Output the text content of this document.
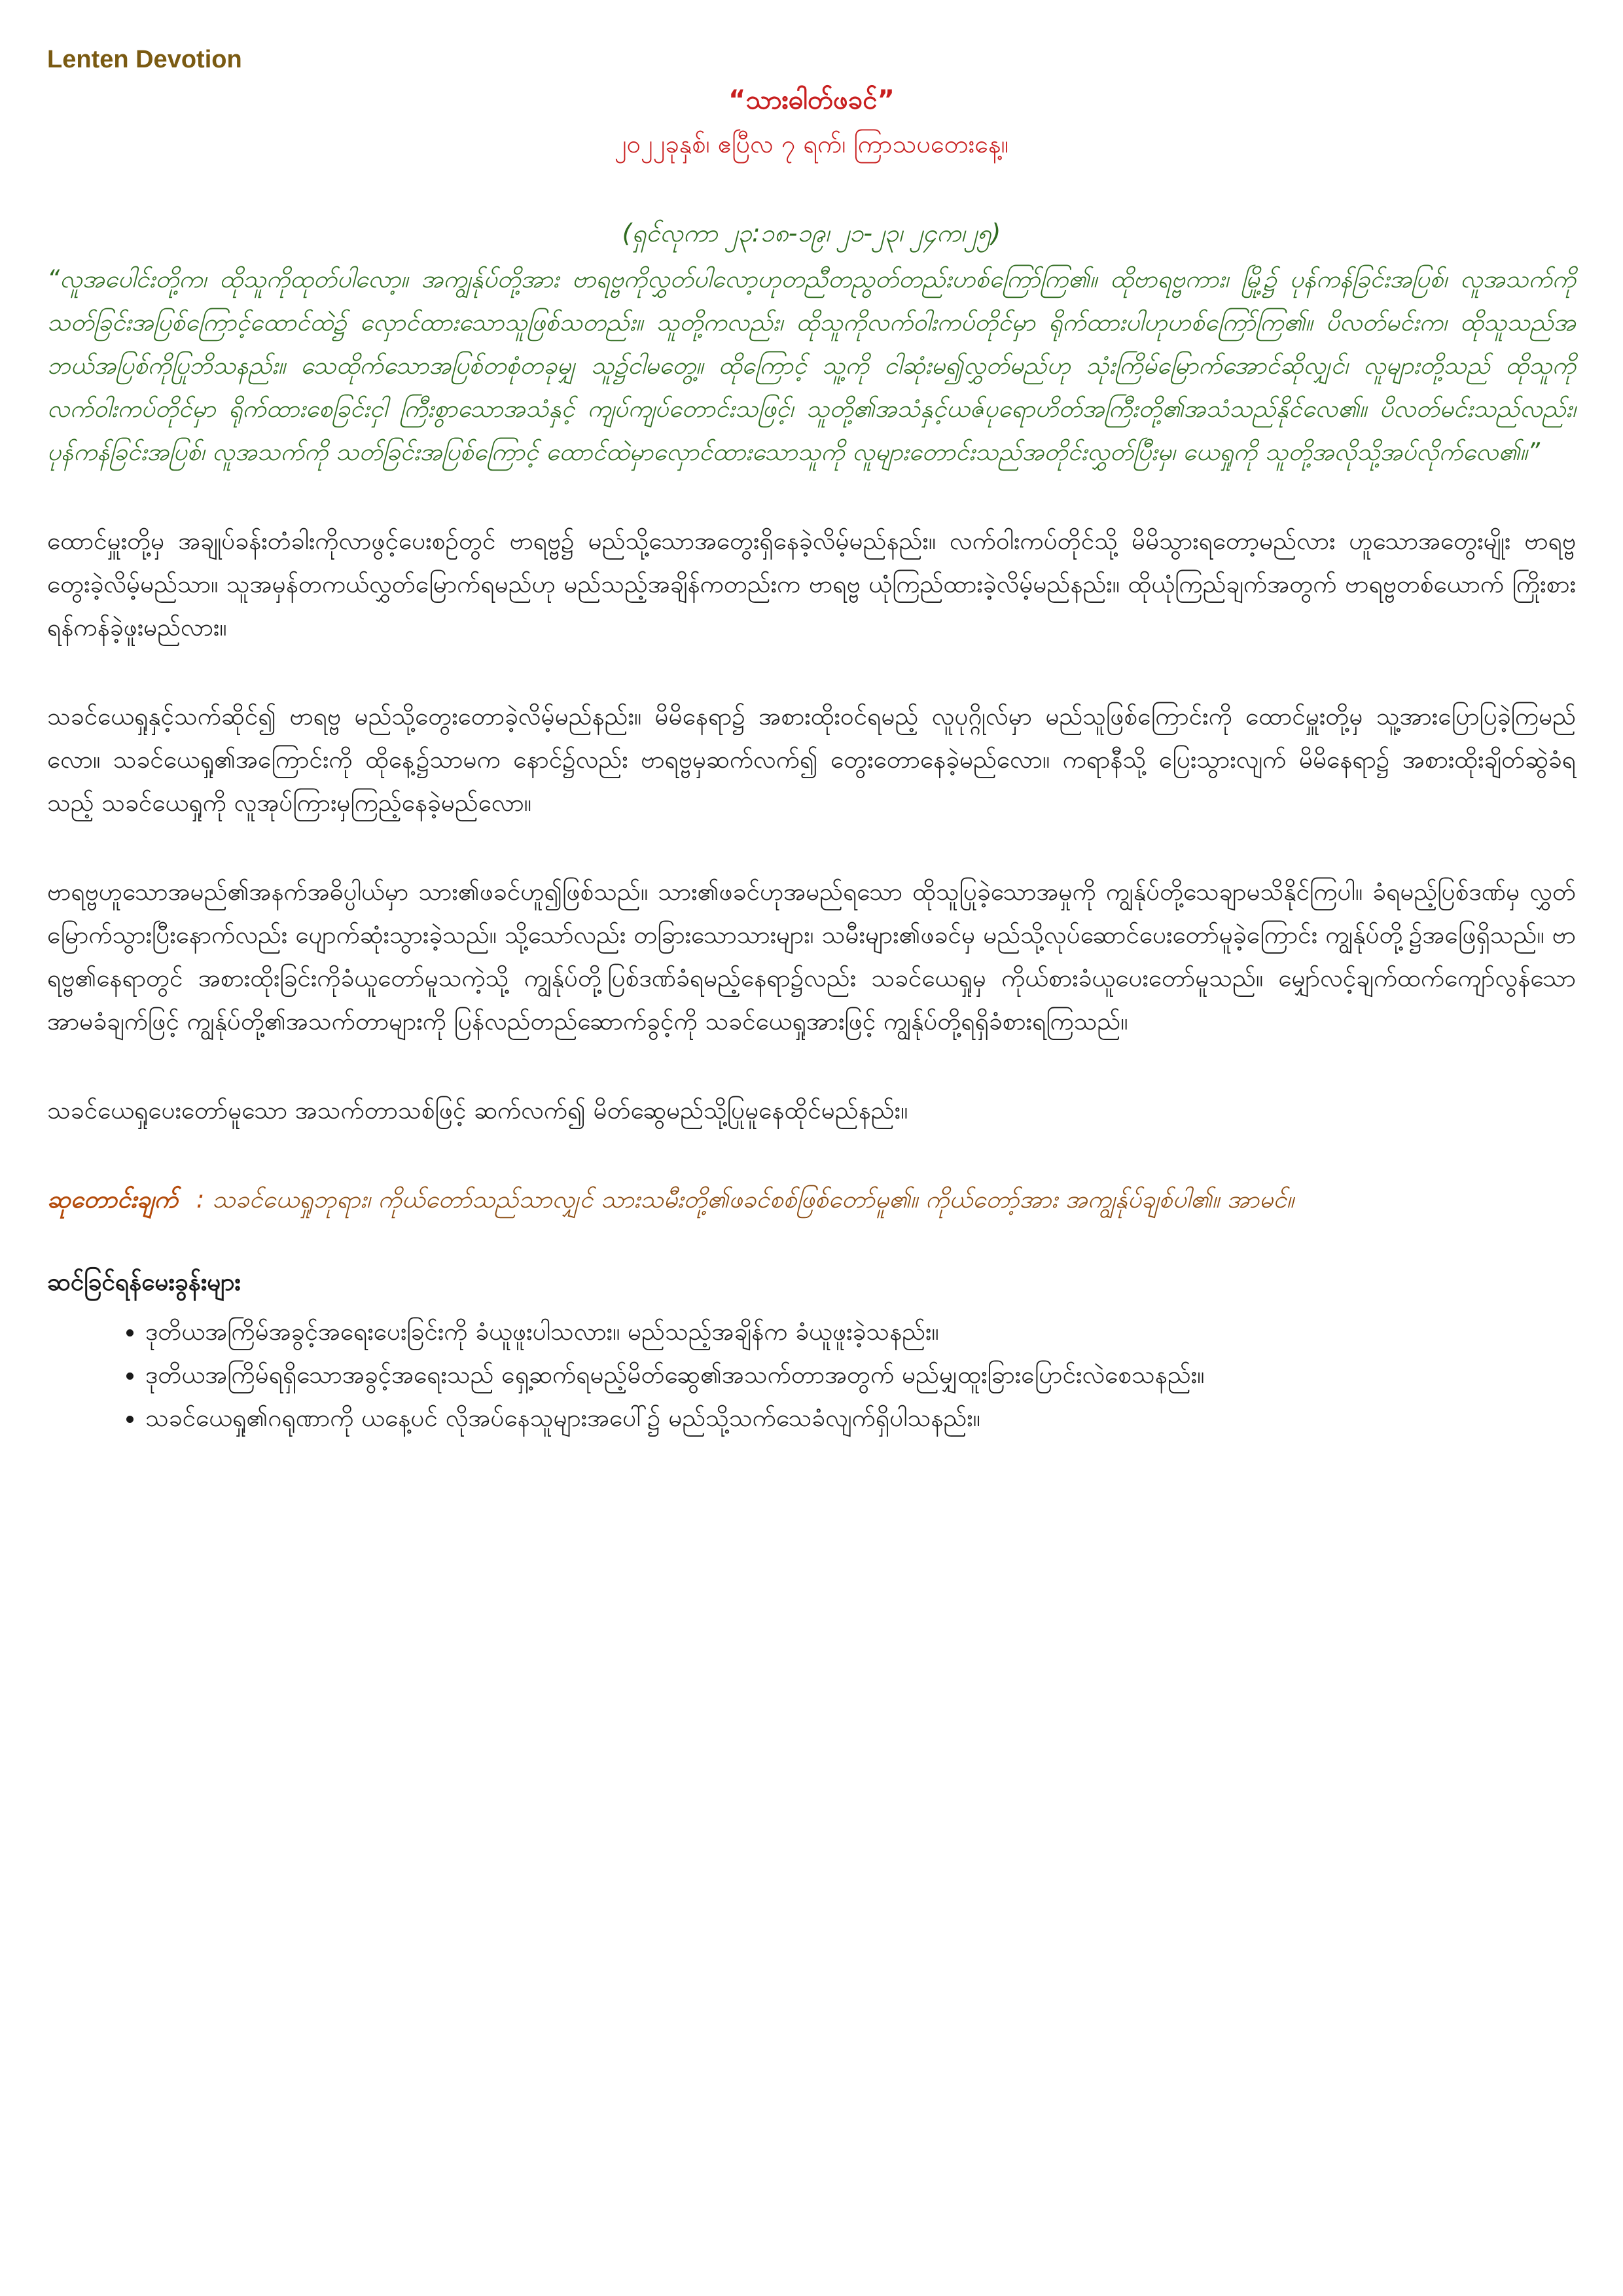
Lenten Devotion
“သားဓါတ်ဖခင်”
၂၀၂၂ခုနှစ်၊ ဧပြီလ ၇ ရက်၊ ကြာသပတေးနေ့။
(ရှင်လုကာ ၂၃:၁၈-၁၉၊ ၂၁-၂၃၊ ၂၄က၊၂၅)
“လူအပေါင်းတို့က၊ ထိုသူကိုထုတ်ပါလော့။ အကျွန်ုပ်တို့အား ဗာရဗ္ဗကိုလွှတ်ပါလော့ဟုတညီတညွတ်တည်းဟစ်ကြော်ကြ၏။ ထိုဗာရဗ္ဗကား၊ မြို့၌ ပုန်ကန်ခြင်းအပြစ်၊ လူအသက်ကို သတ်ခြင်းအပြစ်ကြောင့်ထောင်ထဲ၌ လှောင်ထားသောသူဖြစ်သတည်း။ သူတို့ကလည်း၊ ထိုသူကိုလက်ဝါးကပ်တိုင်မှာ ရိုက်ထားပါဟုဟစ်ကြော်ကြ၏။ ပိလတ်မင်းက၊ ထိုသူသည်အဘယ်အပြစ်ကိုပြုဘိသနည်း။ သေထိုက်သောအပြစ်တစုံတခုမျှ သူ၌ငါမတွေ့။ ထိုကြောင့် သူ့ကို ငါဆုံးမ၍လွှတ်မည်ဟု သုံးကြိမ်မြောက်အောင်ဆိုလျှင်၊ လူများတို့သည် ထိုသူကိုလက်ဝါးကပ်တိုင်မှာ ရိုက်ထားစေခြင်းငှါ ကြီးစွာသောအသံနှင့် ကျပ်ကျပ်တောင်းသဖြင့်၊ သူတို့၏အသံနှင့်ယဇ်ပုရောဟိတ်အကြီးတို့၏အသံသည်နိုင်လေ၏။ ပိလတ်မင်းသည်လည်း၊ ပုန်ကန်ခြင်းအပြစ်၊ လူအသက်ကို သတ်ခြင်းအပြစ်ကြောင့် ထောင်ထဲမှာလှောင်ထားသောသူကို လူများတောင်းသည်အတိုင်းလွှတ်ပြီးမှ၊ ယေရှုကို သူတို့အလိုသို့အပ်လိုက်လေ၏။”
ထောင်မှူးတို့မှ အချုပ်ခန်းတံခါးကိုလာဖွင့်ပေးစဉ်တွင် ဗာရဗ္ဗ၌ မည်သို့သောအတွေးရှိနေခဲ့လိမ့်မည်နည်း။ လက်ဝါးကပ်တိုင်သို့ မိမိသွားရတော့မည်လား ဟူသောအတွေးမျိုး ဗာရဗ္ဗတွေးခဲ့လိမ့်မည်သာ။ သူအမှန်တကယ်လွှတ်မြောက်ရမည်ဟု မည်သည့်အချိန်ကတည်းက ဗာရဗ္ဗ ယုံကြည်ထားခဲ့လိမ့်မည်နည်း။ ထိုယုံကြည်ချက်အတွက် ဗာရဗ္ဗတစ်ယောက် ကြိုးစားရန်ကန်ခဲ့ဖူးမည်လား။
သခင်ယေရှုနှင့်သက်ဆိုင်၍ ဗာရဗ္ဗ မည်သို့တွေးတောခဲ့လိမ့်မည်နည်း။ မိမိနေရာ၌ အစားထိုးဝင်ရမည့် လူပုဂ္ဂိုလ်မှာ မည်သူဖြစ်ကြောင်းကို ထောင်မှူးတို့မှ သူ့အားပြောပြခဲ့ကြမည်လော။ သခင်ယေရှု၏အကြောင်းကို ထိုနေ့၌သာမက နောင်၌လည်း ဗာရဗ္ဗမှဆက်လက်၍ တွေးတောနေခဲ့မည်လော။ ကရာနီသို့ ပြေးသွားလျက် မိမိနေရာ၌ အစားထိုးချိတ်ဆွဲခံရသည့် သခင်ယေရှုကို လူအုပ်ကြားမှကြည့်နေခဲ့မည်လော။
ဗာရဗ္ဗဟူသောအမည်၏အနက်အဓိပ္ပါယ်မှာ သား၏ဖခင်ဟူ၍ဖြစ်သည်။ သား၏ဖခင်ဟုအမည်ရသော ထိုသူပြုခဲ့သောအမှုကို ကျွန်ုပ်တို့သေချာမသိနိုင်ကြပါ။ ခံရမည့်ပြစ်ဒဏ်မှ လွှတ်မြောက်သွားပြီးနောက်လည်း ပျောက်ဆုံးသွားခဲ့သည်။ သို့သော်လည်း တခြားသောသားများ၊ သမီးများ၏ဖခင်မှ မည်သို့လုပ်ဆောင်ပေးတော်မူခဲ့ကြောင်း ကျွန်ုပ်တို့၌အဖြေရှိသည်။ ဗာရဗ္ဗ၏နေရာတွင် အစားထိုးခြင်းကိုခံယူတော်မူသကဲ့သို့ ကျွန်ုပ်တို့ပြစ်ဒဏ်ခံရမည့်နေရာ၌လည်း သခင်ယေရှုမှ ကိုယ်စားခံယူပေးတော်မူသည်။ မျှော်လင့်ချက်ထက်ကျော်လွန်သောအာမခံချက်ဖြင့် ကျွန်ုပ်တို့၏အသက်တာများကို ပြန်လည်တည်ဆောက်ခွင့်ကို သခင်ယေရှုအားဖြင့် ကျွန်ုပ်တို့ရရှိခံစားရကြသည်။
သခင်ယေရှုပေးတော်မူသော အသက်တာသစ်ဖြင့် ဆက်လက်၍ မိတ်ဆွေမည်သို့ပြုမူနေထိုင်မည်နည်း။
ဆုတောင်းချက် : သခင်ယေရှုဘုရား၊ ကိုယ်တော်သည်သာလျှင် သားသမီးတို့၏ဖခင်စစ်ဖြစ်တော်မူ၏။ ကိုယ်တော့်အား အကျွန်ုပ်ချစ်ပါ၏။ အာမင်။
ဆင်ခြင်ရန်မေးခွန်းများ
• ဒုတိယအကြိမ်အခွင့်အရေးပေးခြင်းကို ခံယူဖူးပါသလား။ မည်သည့်အချိန်က ခံယူဖူးခဲ့သနည်း။
• ဒုတိယအကြိမ်ရရှိသောအခွင့်အရေးသည် ရှေ့ဆက်ရမည့်မိတ်ဆွေ၏အသက်တာအတွက် မည်မျှထူးခြားပြောင်းလဲစေသနည်း။
• သခင်ယေရှု၏ဂရုဏာကို ယနေ့ပင် လိုအပ်နေသူများအပေါ်၌ မည်သို့သက်သေခံလျက်ရှိပါသနည်း။
